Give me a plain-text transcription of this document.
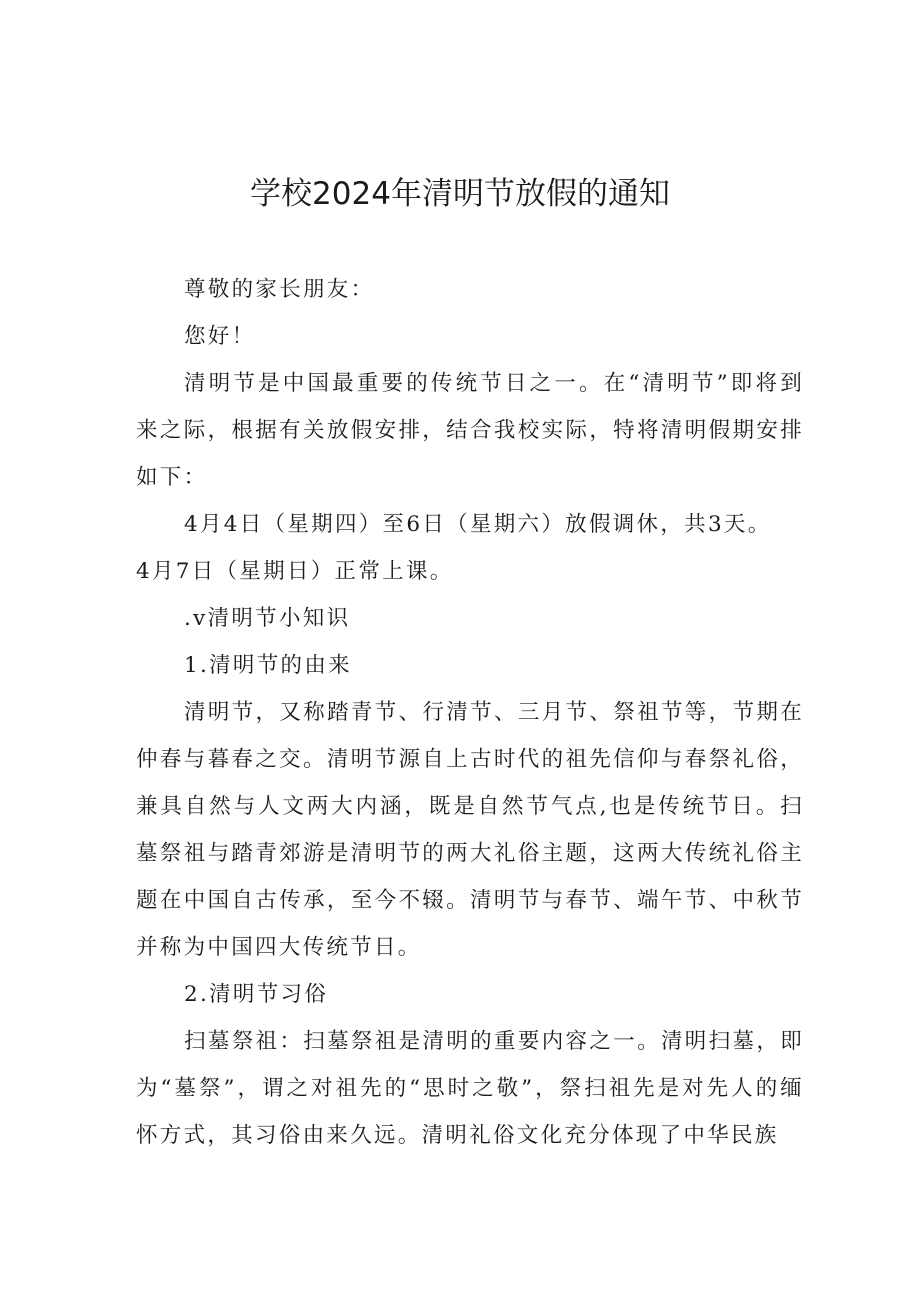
学校2024年清明节放假的通知

尊敬的家长朋友：

您好！

清明节是中国最重要的传统节日之一。在“清明节”即将到来之际，根据有关放假安排，结合我校实际，特将清明假期安排如下：

4月4日（星期四）至6日（星期六）放假调休，共3天。

4月7日（星期日）正常上课。

.v清明节小知识

1.清明节的由来

清明节，又称踏青节、行清节、三月节、祭祖节等，节期在仲春与暮春之交。清明节源自上古时代的祖先信仰与春祭礼俗，兼具自然与人文两大内涵，既是自然节气点,也是传统节日。扫墓祭祖与踏青郊游是清明节的两大礼俗主题，这两大传统礼俗主题在中国自古传承，至今不辍。清明节与春节、端午节、中秋节并称为中国四大传统节日。

2.清明节习俗

扫墓祭祖：扫墓祭祖是清明的重要内容之一。清明扫墓，即为“墓祭”，谓之对祖先的“思时之敬”，祭扫祖先是对先人的缅怀方式，其习俗由来久远。清明礼俗文化充分体现了中华民族
